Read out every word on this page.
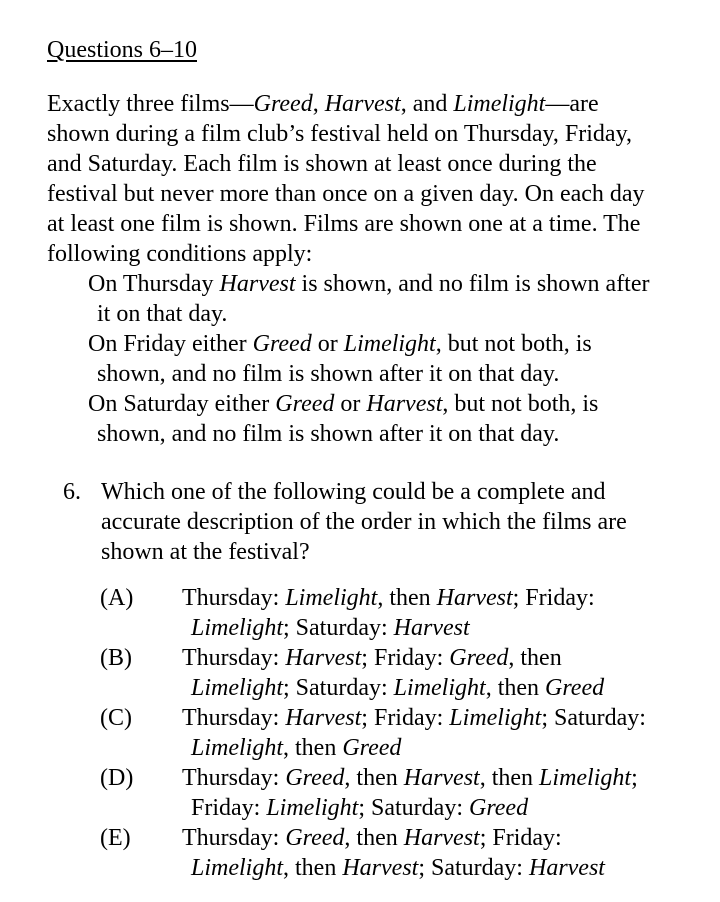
Questions 6–10

Exactly three films—Greed, Harvest, and Limelight—are
shown during a film club’s festival held on Thursday, Friday,
and Saturday. Each film is shown at least once during the
festival but never more than once on a given day. On each day
at least one film is shown. Films are shown one at a time. The
following conditions apply:

On Thursday Harvest is shown, and no film is shown after
it on that day.

On Friday either Greed or Limelight, but not both, is
shown, and no film is shown after it on that day.

On Saturday either Greed or Harvest, but not both, is
shown, and no film is shown after it on that day.

6. Which one of the following could be a complete and
accurate description of the order in which the films are
shown at the festival?

(A) Thursday: Limelight, then Harvest; Friday:
Limelight; Saturday: Harvest

(B) Thursday: Harvest; Friday: Greed, then
Limelight; Saturday: Limelight, then Greed

(C) Thursday: Harvest; Friday: Limelight; Saturday:
Limelight, then Greed

(D) Thursday: Greed, then Harvest, then Limelight;
Friday: Limelight; Saturday: Greed

(E) Thursday: Greed, then Harvest; Friday:
Limelight, then Harvest; Saturday: Harvest
